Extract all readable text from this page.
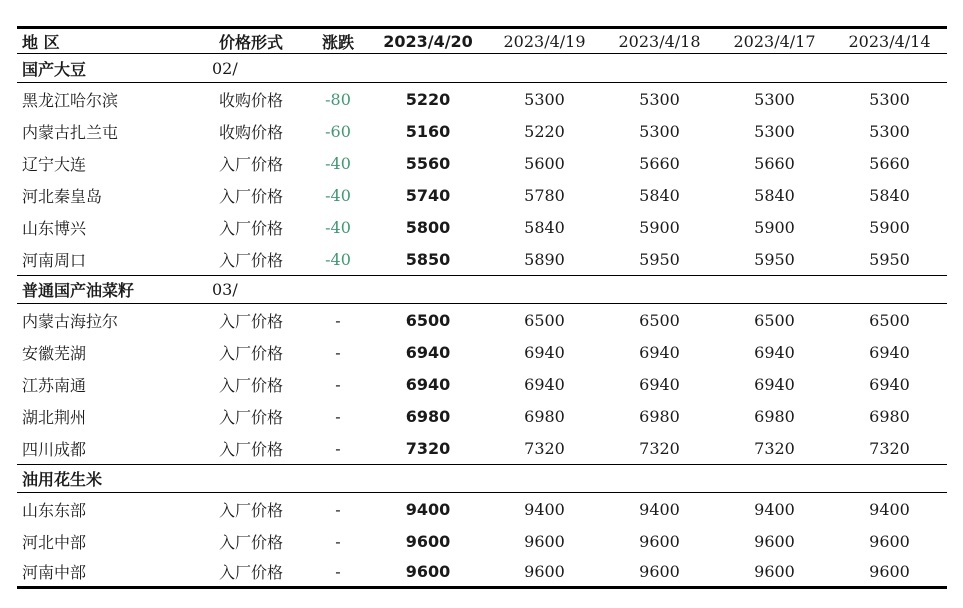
地 区	价格形式	涨跌	2023/4/20	2023/4/19	2023/4/18	2023/4/17	2023/4/14
国产大豆	02/
黑龙江哈尔滨	收购价格	-80	5220	5300	5300	5300	5300
内蒙古扎兰屯	收购价格	-60	5160	5220	5300	5300	5300
辽宁大连	入厂价格	-40	5560	5600	5660	5660	5660
河北秦皇岛	入厂价格	-40	5740	5780	5840	5840	5840
山东博兴	入厂价格	-40	5800	5840	5900	5900	5900
河南周口	入厂价格	-40	5850	5890	5950	5950	5950
普通国产油菜籽	03/
内蒙古海拉尔	入厂价格	-	6500	6500	6500	6500	6500
安徽芜湖	入厂价格	-	6940	6940	6940	6940	6940
江苏南通	入厂价格	-	6940	6940	6940	6940	6940
湖北荆州	入厂价格	-	6980	6980	6980	6980	6980
四川成都	入厂价格	-	7320	7320	7320	7320	7320
油用花生米
山东东部	入厂价格	-	9400	9400	9400	9400	9400
河北中部	入厂价格	-	9600	9600	9600	9600	9600
河南中部	入厂价格	-	9600	9600	9600	9600	9600
